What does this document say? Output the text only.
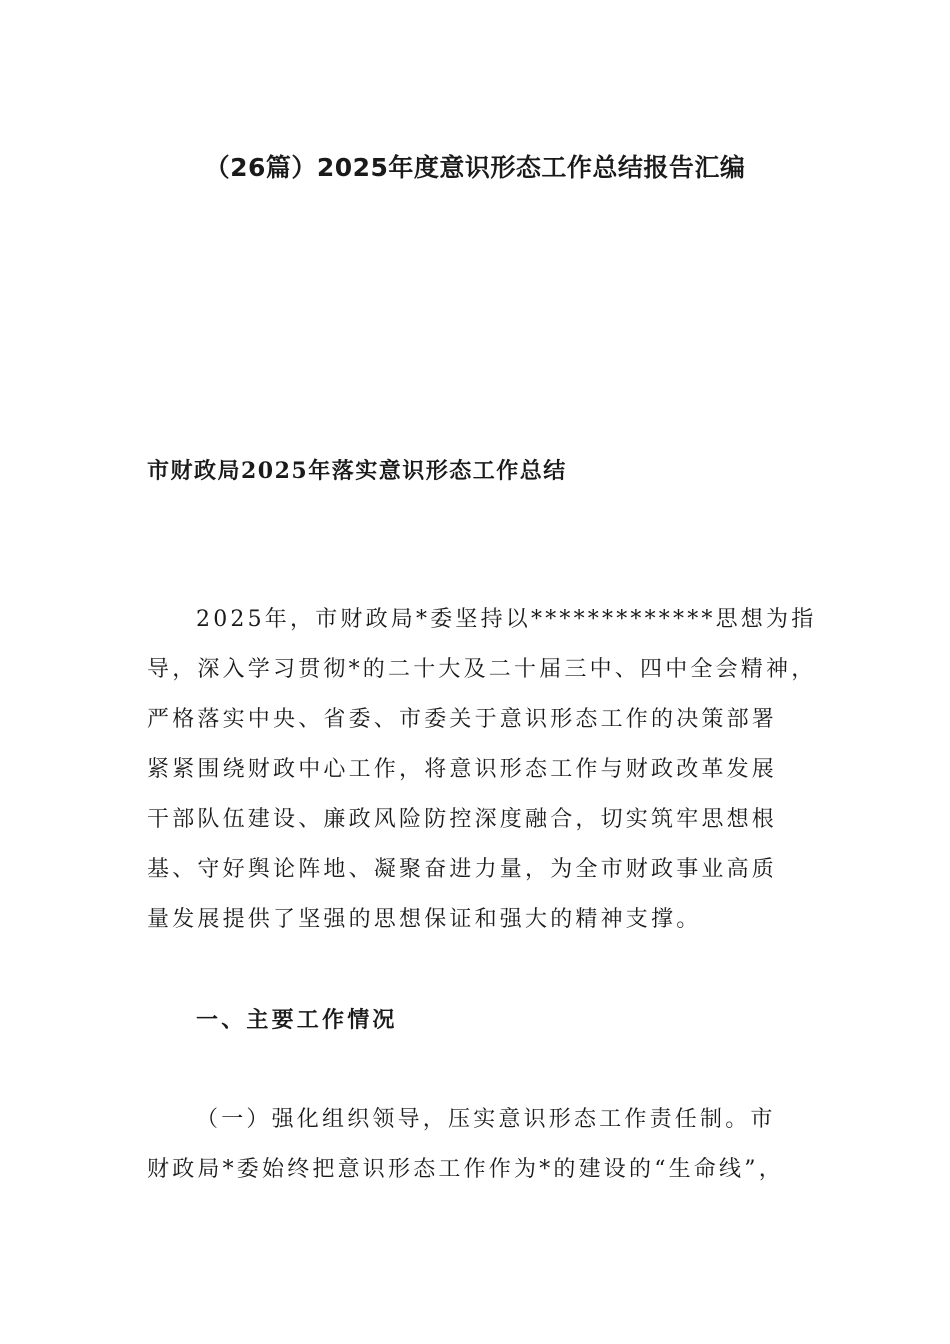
（26篇）2025年度意识形态工作总结报告汇编
市财政局2025年落实意识形态工作总结
2025年，市财政局*委坚持以*************思想为指
导，深入学习贯彻*的二十大及二十届三中、四中全会精神，
严格落实中央、省委、市委关于意识形态工作的决策部署
紧紧围绕财政中心工作，将意识形态工作与财政改革发展
干部队伍建设、廉政风险防控深度融合，切实筑牢思想根
基、守好舆论阵地、凝聚奋进力量，为全市财政事业高质
量发展提供了坚强的思想保证和强大的精神支撑。
一、主要工作情况
（一）强化组织领导，压实意识形态工作责任制。市
财政局*委始终把意识形态工作作为*的建设的“生命线”，
